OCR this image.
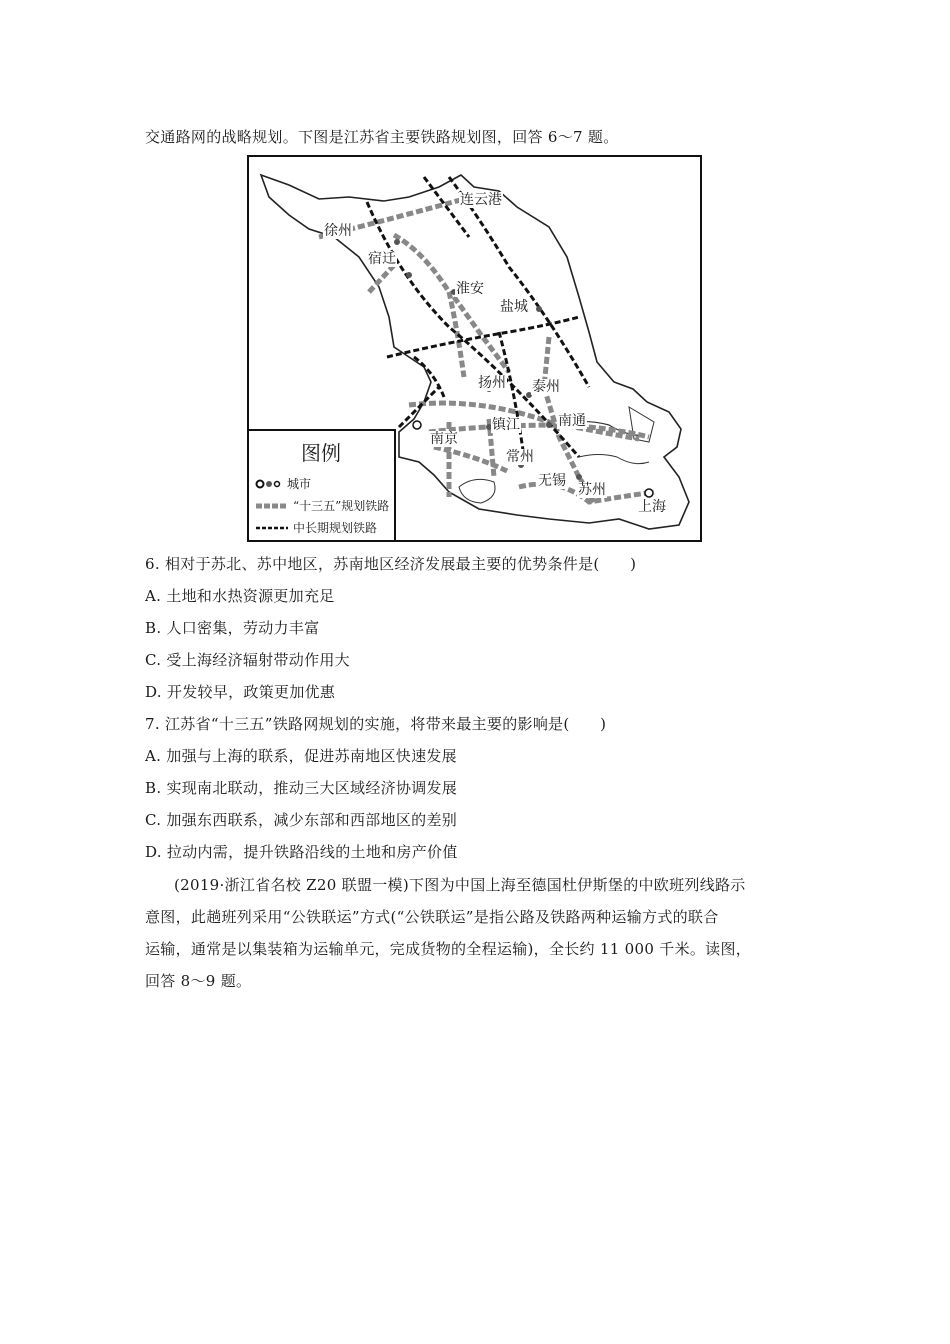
交通路网的战略规划。下图是江苏省主要铁路规划图，回答 6～7 题。
连云港
徐州
宿迁
淮安
盐城
扬州 泰州
南京
镇江	南通
常州
无锡
苏州
上海
图例
城市
“十三五”规划铁路
中长期规划铁路
6. 相对于苏北、苏中地区，苏南地区经济发展最主要的优势条件是(　　)
A. 土地和水热资源更加充足
B. 人口密集，劳动力丰富
C. 受上海经济辐射带动作用大
D. 开发较早，政策更加优惠
7. 江苏省“十三五”铁路网规划的实施，将带来最主要的影响是(　　)
A. 加强与上海的联系，促进苏南地区快速发展
B. 实现南北联动，推动三大区域经济协调发展
C. 加强东西联系，减少东部和西部地区的差别
D. 拉动内需，提升铁路沿线的土地和房产价值
(2019·浙江省名校 Z20 联盟一模)下图为中国上海至德国杜伊斯堡的中欧班列线路示
意图，此趟班列采用“公铁联运”方式(“公铁联运”是指公路及铁路两种运输方式的联合
运输，通常是以集装箱为运输单元，完成货物的全程运输)，全长约 11 000 千米。读图，
回答 8～9 题。
